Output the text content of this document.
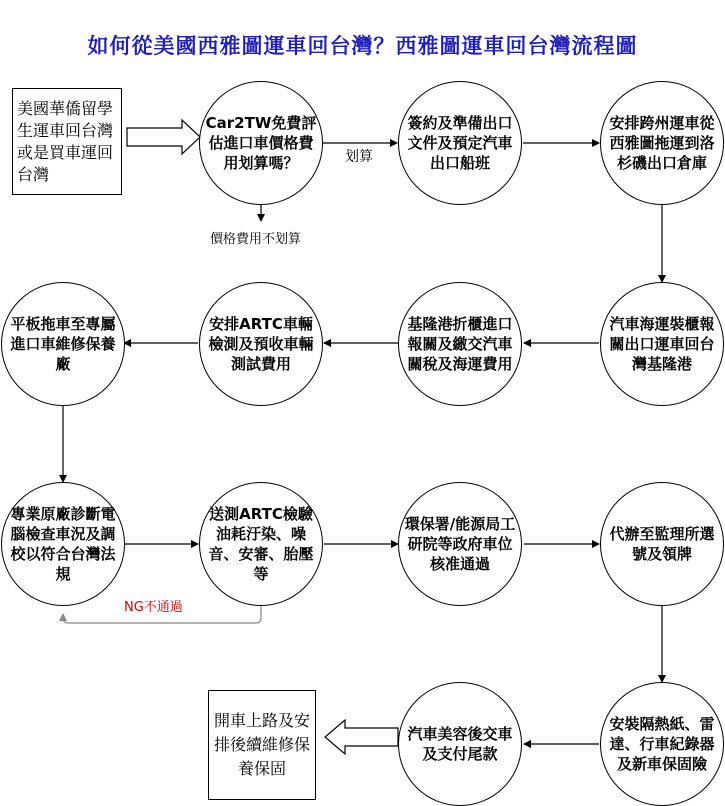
如何從美國西雅圖運車回台灣？西雅圖運車回台灣流程圖
美國華僑留學生運車回台灣或是買車運回台灣
Car2TW免費評估進口車價格費用划算嗎？
簽約及準備出口文件及預定汽車出口船班
安排跨州運車從西雅圖拖運到洛杉磯出口倉庫
汽車海運裝櫃報關出口運車回台灣基隆港
基隆港折櫃進口報關及繳交汽車關稅及海運費用
安排ARTC車輛檢測及預收車輛測試費用
平板拖車至專屬進口車維修保養廠
專業原廠診斷電腦檢查車況及調校以符合台灣法規
送測ARTC檢驗油耗汙染、噪音、安審、胎壓等
環保署/能源局工研院等政府車位核准通過
代辦至監理所選號及領牌
安裝隔熱紙、雷達、行車紀錄器及新車保固險
汽車美容後交車及支付尾款
開車上路及安排後續維修保養保固
划算
價格費用不划算
NG不通過
